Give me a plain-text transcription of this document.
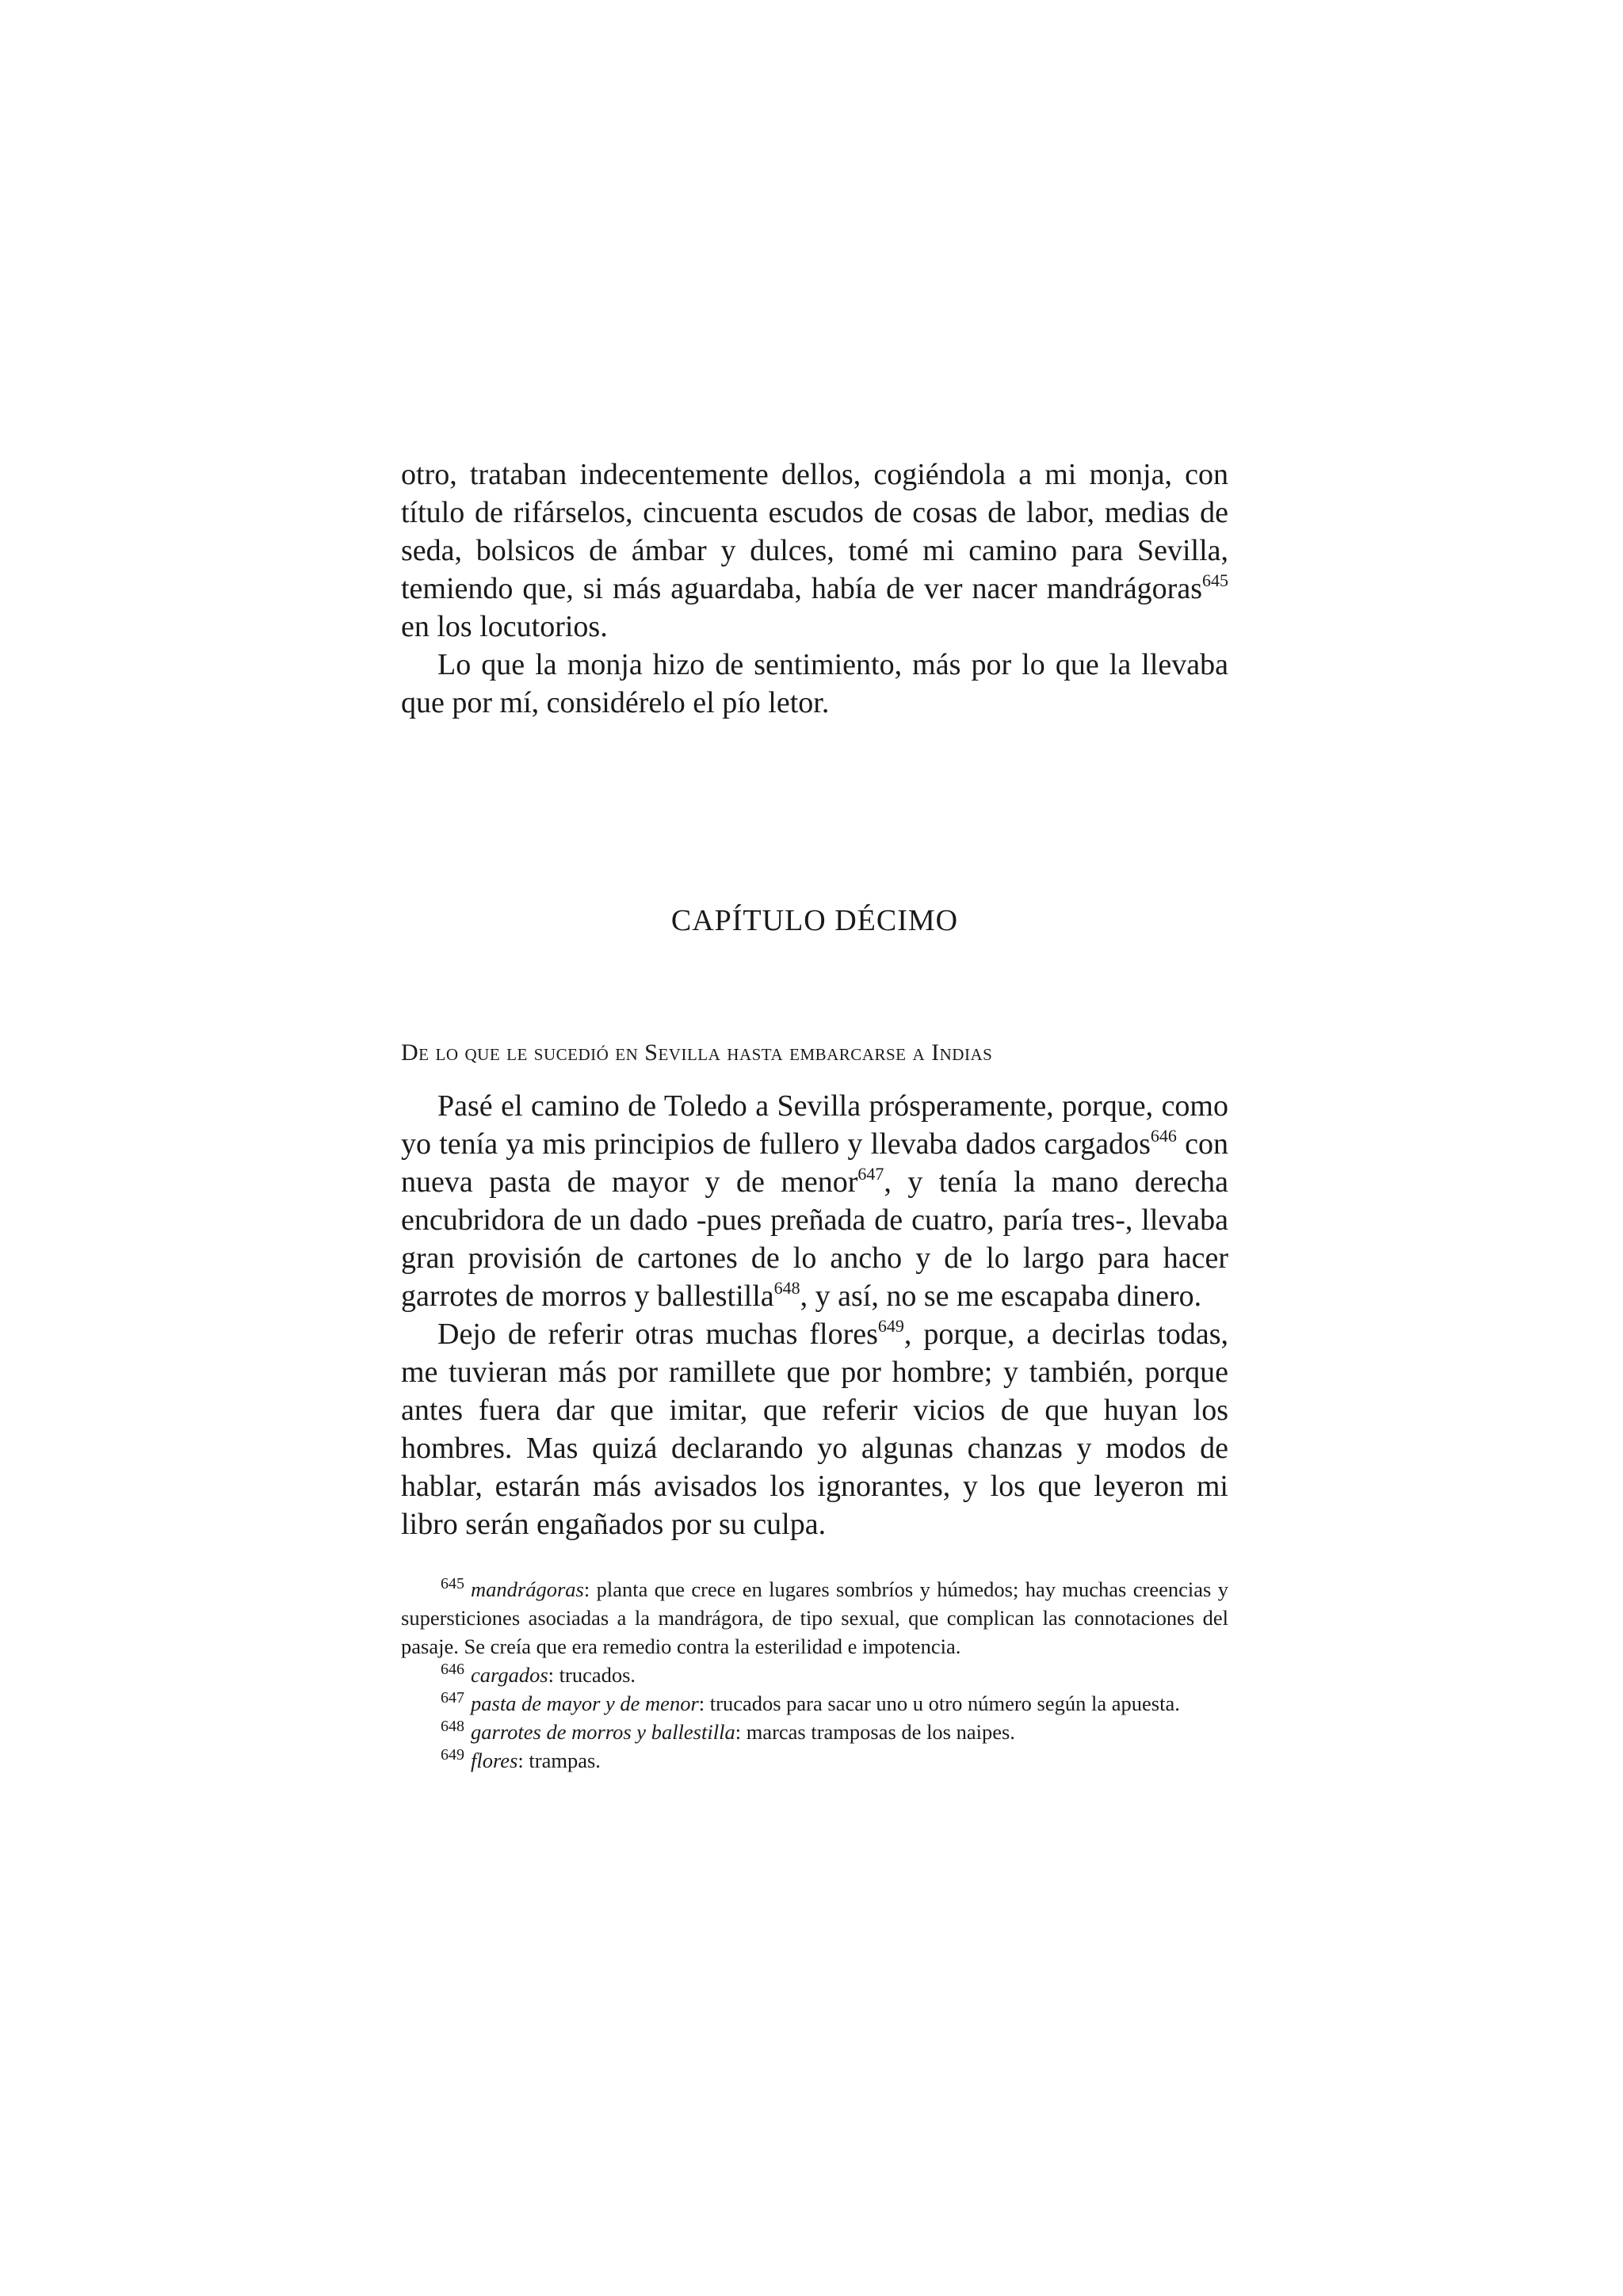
otro, trataban indecentemente dellos, cogiéndola a mi monja, con título de rifárselos, cincuenta escudos de cosas de labor, medias de seda, bolsicos de ámbar y dulces, tomé mi camino para Sevilla, temiendo que, si más aguardaba, había de ver nacer mandrágoras$^{645}$ en los locutorios.

Lo que la monja hizo de sentimiento, más por lo que la llevaba que por mí, considérelo el pío letor.

CAPÍTULO DÉCIMO
De lo que le sucedió en Sevilla hasta embarcarse a Indias

Pasé el camino de Toledo a Sevilla prósperamente, porque, como yo tenía ya mis principios de fullero y llevaba dados cargados$^{646}$ con nueva pasta de mayor y de menor$^{647}$, y tenía la mano derecha encubridora de un dado -pues preñada de cuatro, paría tres-, llevaba gran provisión de cartones de lo ancho y de lo largo para hacer garrotes de morros y ballestilla$^{648}$, y así, no se me escapaba dinero.

Dejo de referir otras muchas flores$^{649}$, porque, a decirlas todas, me tuvieran más por ramillete que por hombre; y también, porque antes fuera dar que imitar, que referir vicios de que huyan los hombres. Mas quizá declarando yo algunas chanzas y modos de hablar, estarán más avisados los ignorantes, y los que leyeron mi libro serán engañados por su culpa.

$^{645}$ mandrágoras: planta que crece en lugares sombríos y húmedos; hay muchas creencias y supersticiones asociadas a la mandrágora, de tipo sexual, que complican las connotaciones del pasaje. Se creía que era remedio contra la esterilidad e impotencia.

$^{646}$ cargados: trucados.

$^{647}$ pasta de mayor y de menor: trucados para sacar uno u otro número según la apuesta.

$^{648}$ garrotes de morros y ballestilla: marcas tramposas de los naipes.

$^{649}$ flores: trampas.
